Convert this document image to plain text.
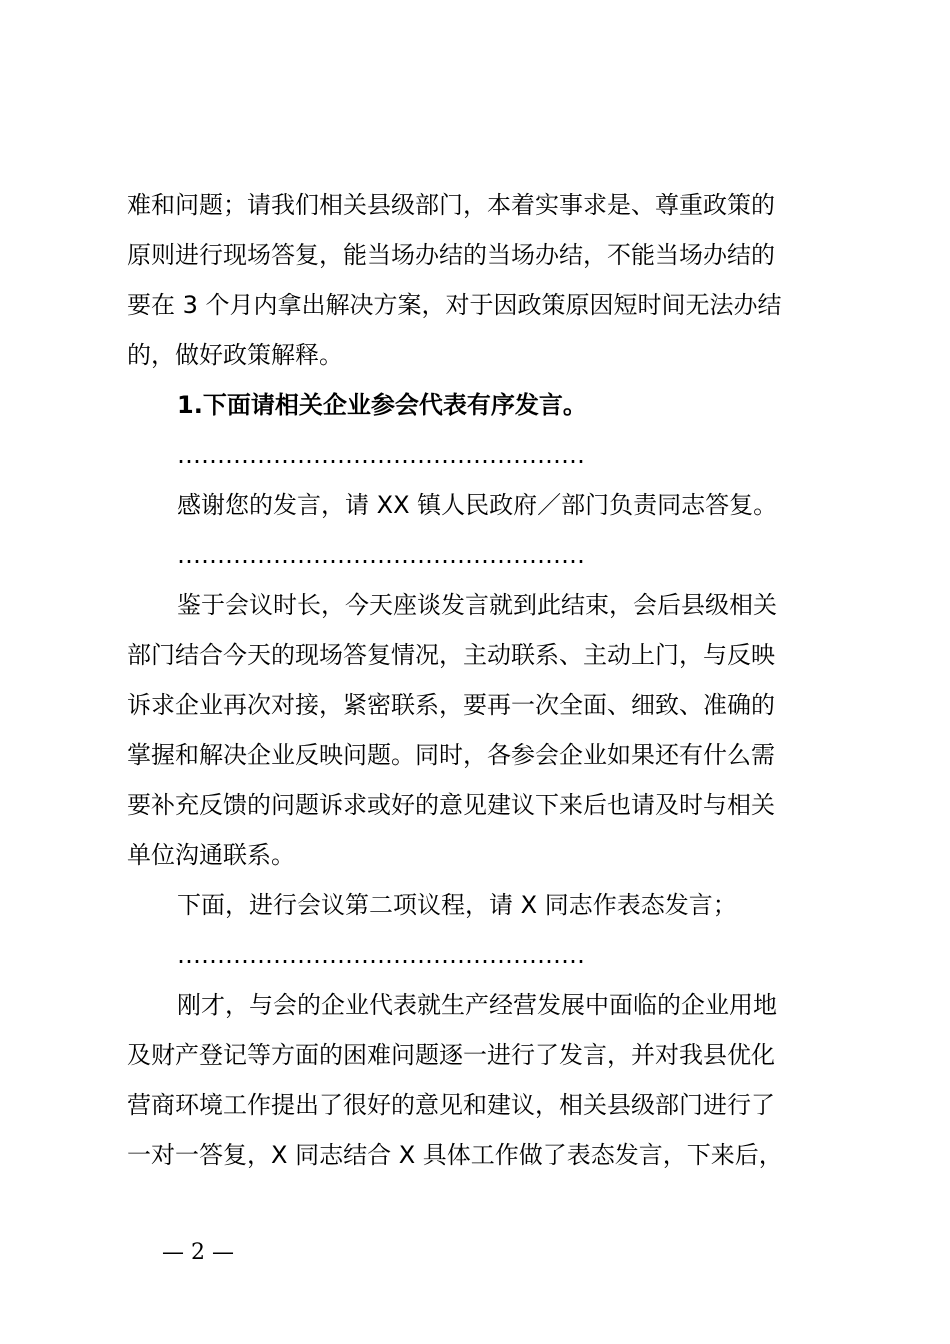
难和问题；请我们相关县级部门，本着实事求是、尊重政策的
原则进行现场答复，能当场办结的当场办结，不能当场办结的
要在 3 个月内拿出解决方案，对于因政策原因短时间无法办结
的，做好政策解释。
1.下面请相关企业参会代表有序发言。
……………………………………………
感谢您的发言，请 XX 镇人民政府／部门负责同志答复。
……………………………………………
鉴于会议时长，今天座谈发言就到此结束，会后县级相关
部门结合今天的现场答复情况，主动联系、主动上门，与反映
诉求企业再次对接，紧密联系，要再一次全面、细致、准确的
掌握和解决企业反映问题。同时，各参会企业如果还有什么需
要补充反馈的问题诉求或好的意见建议下来后也请及时与相关
单位沟通联系。
下面，进行会议第二项议程，请 X 同志作表态发言；
……………………………………………
刚才，与会的企业代表就生产经营发展中面临的企业用地
及财产登记等方面的困难问题逐一进行了发言，并对我县优化
营商环境工作提出了很好的意见和建议，相关县级部门进行了
一对一答复，X 同志结合 X 具体工作做了表态发言，下来后，
— 2 —
